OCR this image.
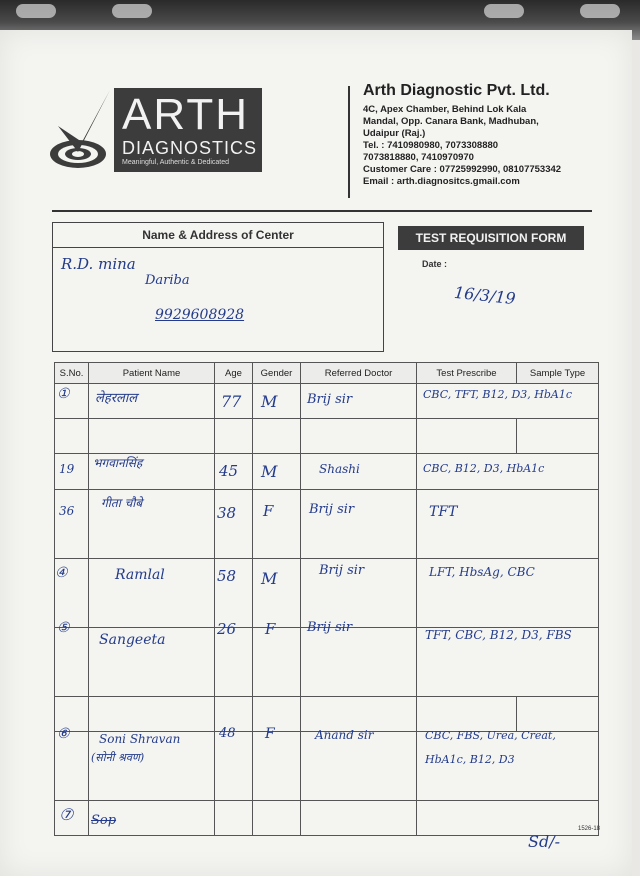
ARTH
DIAGNOSTICS
Meaningful, Authentic & Dedicated
Arth Diagnostic Pvt. Ltd.
4C, Apex Chamber, Behind Lok Kala
Mandal, Opp. Canara Bank, Madhuban,
Udaipur (Raj.)
Tel. : 7410980980, 7073308880
7073818880, 7410970970
Customer Care : 07725992990, 08107753342
Email : arth.diagnositcs.gmail.com
Name & Address of Center
R.D. mina
Dariba
9929608928
TEST REQUISITION FORM
Date :
16/3/19
S.No.	Patient Name	Age	Gender	Referred Doctor	Test Prescribe	Sample Type

①	लेहरलाल	77	M	Brij sir	CBC, TFT, B12, D3, HbA1c	

19	भगवानसिंह	45	M	Shashi	CBC, B12, D3, HbA1c	

36	गीता चौबे	38	F	Brij sir	TFT	

④	Ramlal	58	M	Brij sir	LFT, HbsAg, CBC	

⑤	Sangeeta	26	F	Brij sir	TFT, CBC, B12, D3, FBS	

⑥	Soni Shravan
(सोनी श्रवण)	48	F	Anand sir	CBC, FBS, Urea, Creat, HbA1c, B12, D3	

⑦	Sop					

1526-18
Sd/-
